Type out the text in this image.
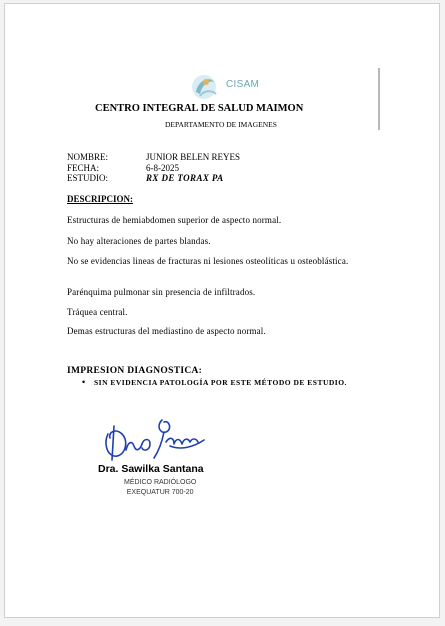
CISAM
CENTRO INTEGRAL DE SALUD MAIMON
DEPARTAMENTO DE IMAGENES
NOMBRE:	JUNIOR BELEN REYES
FECHA:	6-8-2025
ESTUDIO:	RX DE TORAX PA
DESCRIPCION:
Estructuras de hemiabdomen superior de aspecto normal.
No hay alteraciones de partes blandas.
No se evidencias lineas de fracturas ni lesiones osteolíticas u osteoblástica.
Parénquima pulmonar sin presencia de infiltrados.
Tráquea central.
Demas estructuras del mediastino de aspecto normal.
IMPRESION DIAGNOSTICA:
• SIN EVIDENCIA PATOLOGÍA POR ESTE MÉTODO DE ESTUDIO.
Dra. Sawilka Santana
MÉDICO RADIÓLOGO
EXEQUATUR 700-20
